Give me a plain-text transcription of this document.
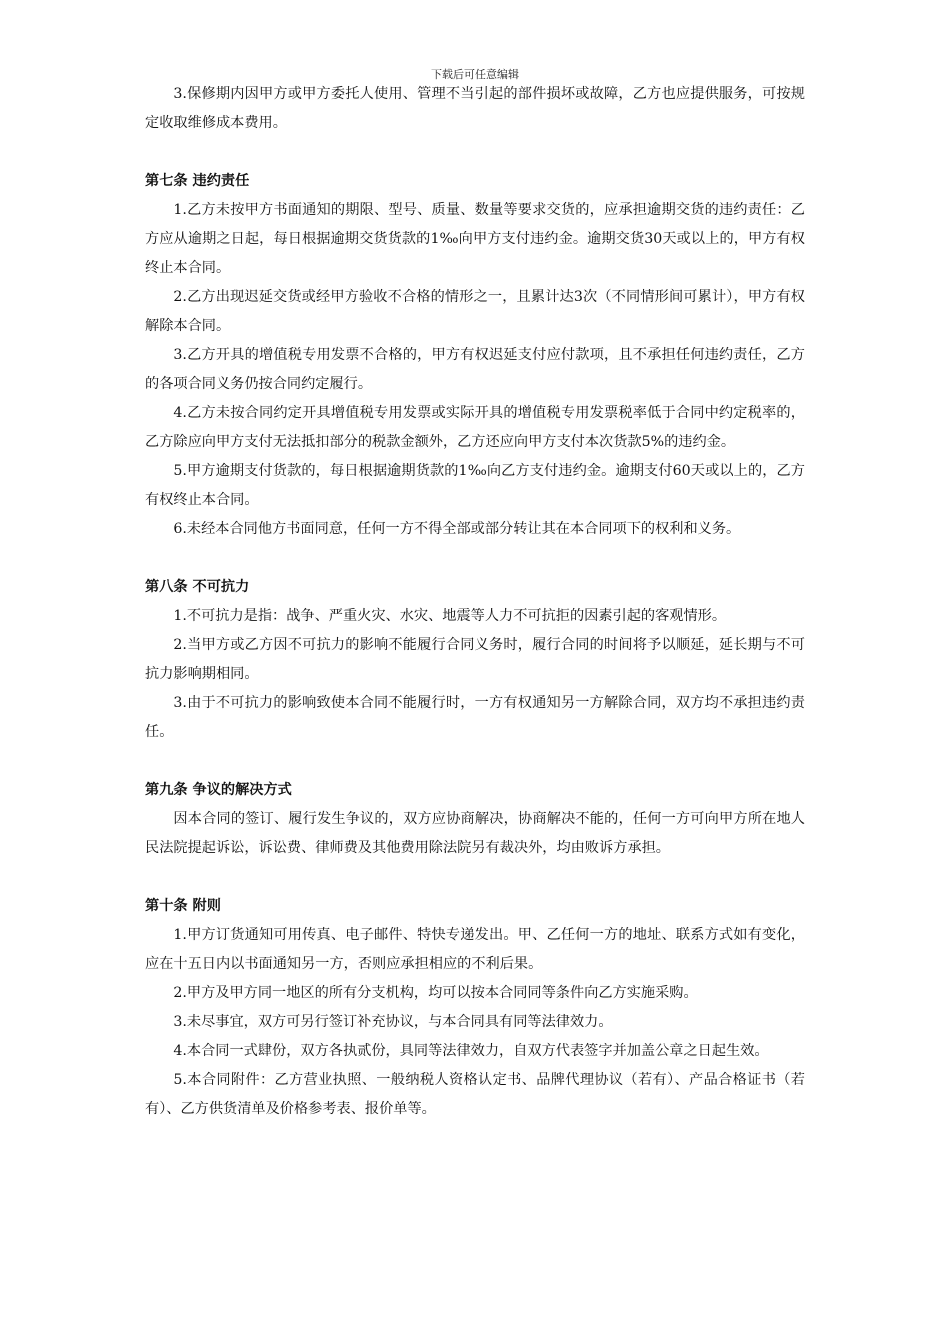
下载后可任意编辑

3.保修期内因甲方或甲方委托人使用、管理不当引起的部件损坏或故障，乙方也应提供服务，可按规定收取维修成本费用。

第七条 违约责任

1.乙方未按甲方书面通知的期限、型号、质量、数量等要求交货的，应承担逾期交货的违约责任：乙方应从逾期之日起，每日根据逾期交货货款的1‰向甲方支付违约金。逾期交货30天或以上的，甲方有权终止本合同。

2.乙方出现迟延交货或经甲方验收不合格的情形之一，且累计达3次（不同情形间可累计），甲方有权解除本合同。

3.乙方开具的增值税专用发票不合格的，甲方有权迟延支付应付款项，且不承担任何违约责任，乙方的各项合同义务仍按合同约定履行。

4.乙方未按合同约定开具增值税专用发票或实际开具的增值税专用发票税率低于合同中约定税率的，乙方除应向甲方支付无法抵扣部分的税款金额外，乙方还应向甲方支付本次货款5%的违约金。

5.甲方逾期支付货款的，每日根据逾期货款的1‰向乙方支付违约金。逾期支付60天或以上的，乙方有权终止本合同。

6.未经本合同他方书面同意，任何一方不得全部或部分转让其在本合同项下的权利和义务。

第八条 不可抗力

1.不可抗力是指：战争、严重火灾、水灾、地震等人力不可抗拒的因素引起的客观情形。

2.当甲方或乙方因不可抗力的影响不能履行合同义务时，履行合同的时间将予以顺延，延长期与不可抗力影响期相同。

3.由于不可抗力的影响致使本合同不能履行时，一方有权通知另一方解除合同，双方均不承担违约责任。

第九条 争议的解决方式

因本合同的签订、履行发生争议的，双方应协商解决，协商解决不能的，任何一方可向甲方所在地人民法院提起诉讼，诉讼费、律师费及其他费用除法院另有裁决外，均由败诉方承担。

第十条 附则

1.甲方订货通知可用传真、电子邮件、特快专递发出。甲、乙任何一方的地址、联系方式如有变化，应在十五日内以书面通知另一方，否则应承担相应的不利后果。

2.甲方及甲方同一地区的所有分支机构，均可以按本合同同等条件向乙方实施采购。

3.未尽事宜，双方可另行签订补充协议，与本合同具有同等法律效力。

4.本合同一式肆份，双方各执贰份，具同等法律效力，自双方代表签字并加盖公章之日起生效。

5.本合同附件：乙方营业执照、一般纳税人资格认定书、品牌代理协议（若有）、产品合格证书（若有）、乙方供货清单及价格参考表、报价单等。
